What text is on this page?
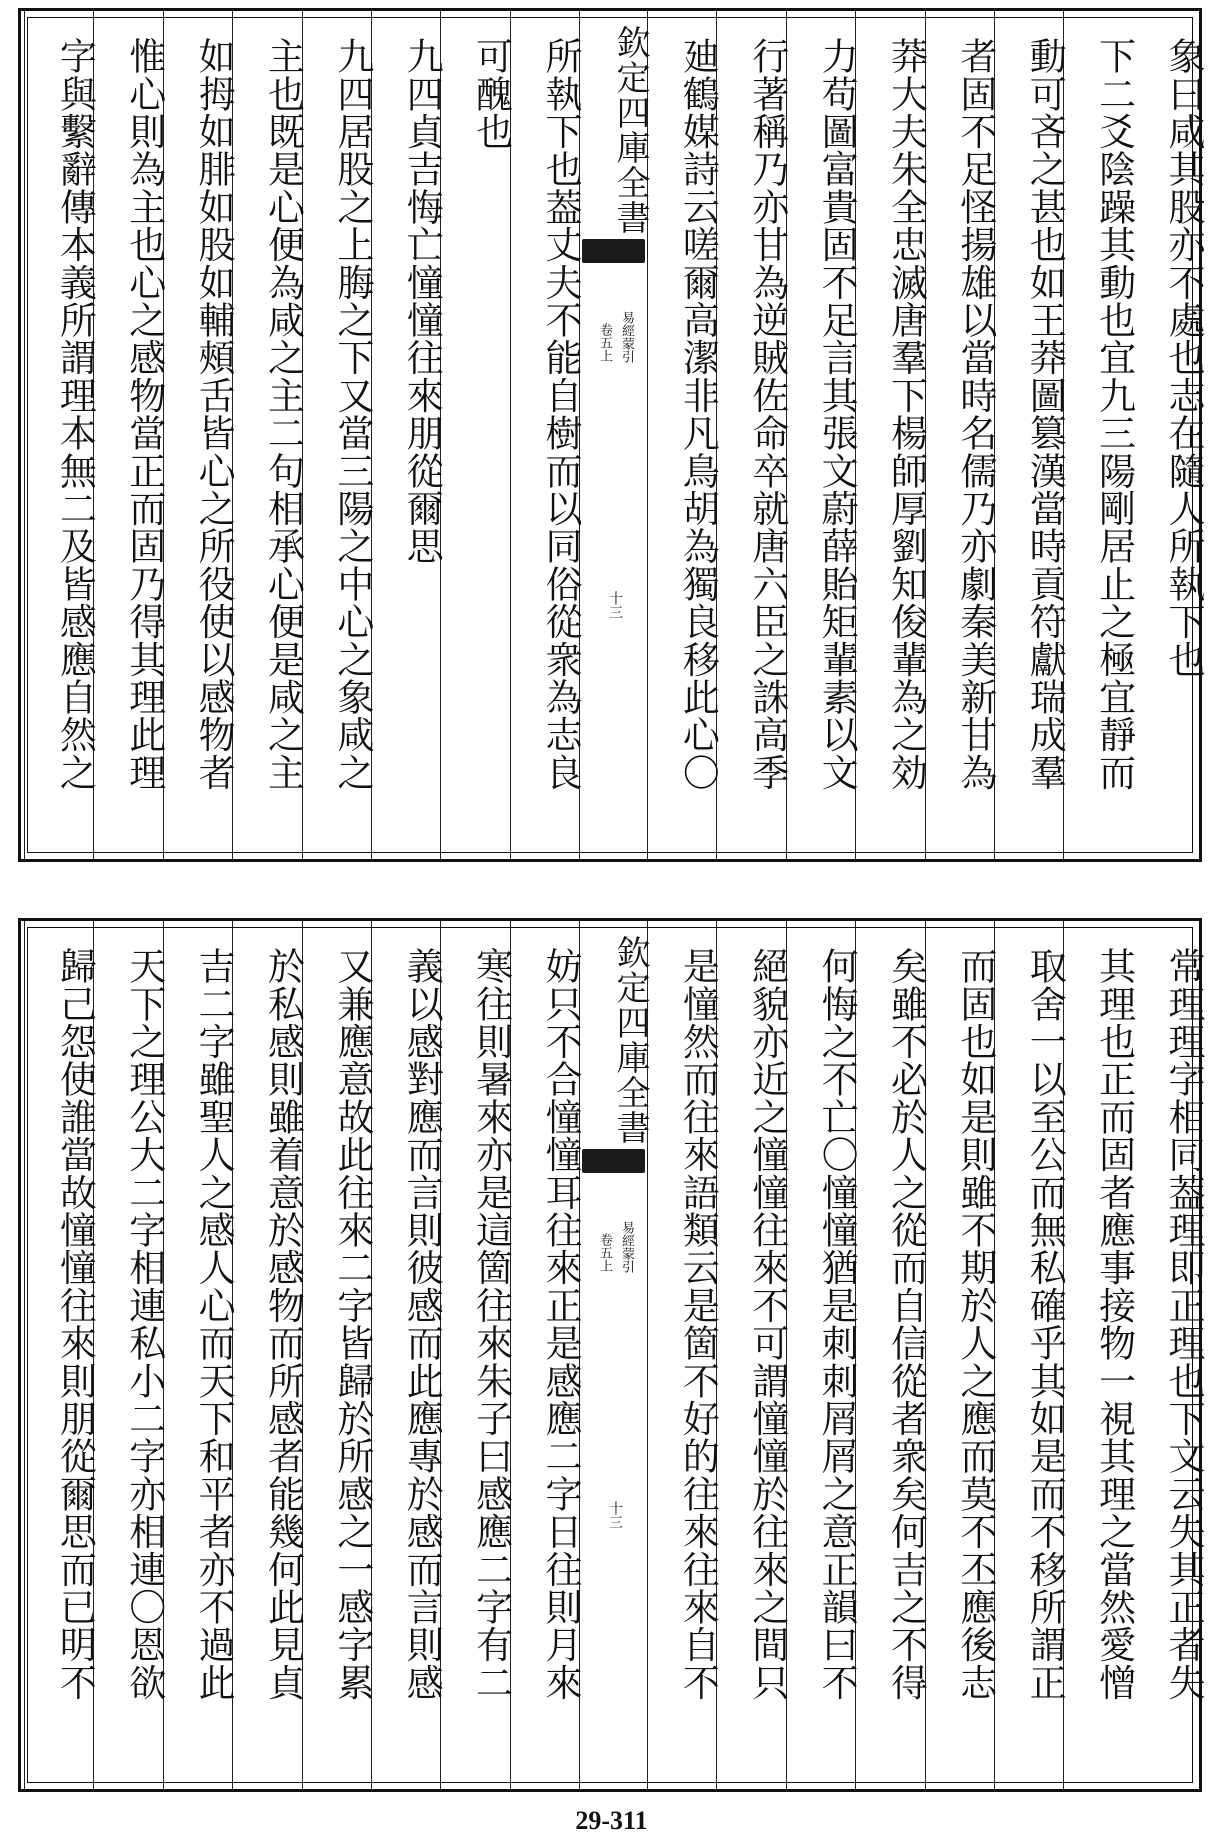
象曰咸其股亦不處也志在隨人所執下也
下二爻陰躁其動也宜九三陽剛居止之極宜靜而
動可吝之甚也如王莽圖篡漢當時貢符獻瑞成羣
者固不足怪揚雄以當時名儒乃亦劇秦美新甘為
莽大夫朱全忠滅唐羣下楊師厚劉知俊輩為之効
力苟圖富貴固不足言其張文蔚薛貽矩輩素以文
行著稱乃亦甘為逆賊佐命卒就唐六臣之誅高季
廸鶴媒詩云嗟爾高潔非凡鳥胡為獨良移此心〇
欽定四庫全書
易經蒙引
卷五上
十三
所執下也葢丈夫不能自樹而以同俗從衆為志良
可醜也
九四貞吉悔亡憧憧往來朋從爾思
九四居股之上脢之下又當三陽之中心之象咸之
主也既是心便為咸之主二句相承心便是咸之主
如拇如腓如股如輔頰舌皆心之所役使以感物者
惟心則為主也心之感物當正而固乃得其理此理
字與繫辭傳本義所謂理本無二及皆感應自然之
常理理字相同葢理即正理也下文云失其正者失
其理也正而固者應事接物一視其理之當然愛憎
取舍一以至公而無私確乎其如是而不移所謂正
而固也如是則雖不期於人之應而莫不丕應後志
矣雖不必於人之從而自信從者衆矣何吉之不得
何悔之不亡〇憧憧猶是刺刺屑屑之意正韻曰不
絕貌亦近之憧憧往來不可謂憧憧於往來之間只
是憧然而往來語類云是箇不好的往來往來自不
欽定四庫全書
易經蒙引
卷五上
十三
妨只不合憧憧耳往來正是感應二字日往則月來
寒往則暑來亦是這箇往來朱子曰感應二字有二
義以感對應而言則彼感而此應專於感而言則感
又兼應意故此往來二字皆歸於所感之一感字累
於私感則雖着意於感物而所感者能幾何此見貞
吉二字雖聖人之感人心而天下和平者亦不過此
天下之理公大二字相連私小二字亦相連〇恩欲
歸己怨使誰當故憧憧往來則朋從爾思而已明不
29-311
